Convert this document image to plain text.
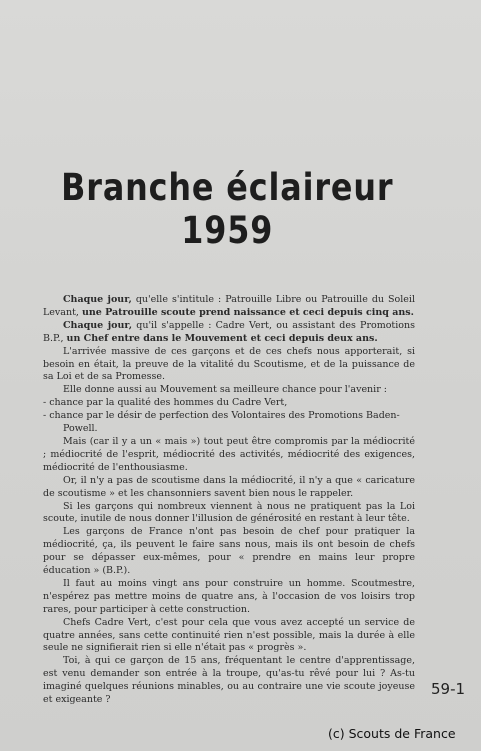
Branche éclaireur 1959

Chaque jour, qu'elle s'intitule : Patrouille Libre ou Patrouille du Soleil Levant, une Patrouille scoute prend naissance et ceci depuis cinq ans.

Chaque jour, qu'il s'appelle : Cadre Vert, ou assistant des Promotions B.P., un Chef entre dans le Mouvement et ceci depuis deux ans.

L'arrivée massive de ces garçons et de ces chefs nous apporterait, si besoin en était, la preuve de la vitalité du Scoutisme, et de la puissance de sa Loi et de sa Promesse.

Elle donne aussi au Mouvement sa meilleure chance pour l'avenir :

- chance par la qualité des hommes du Cadre Vert,

- chance par le désir de perfection des Volontaires des Promotions Baden-

Powell.

Mais (car il y a un « mais ») tout peut être compromis par la médiocrité ; médiocrité de l'esprit, médiocrité des activités, médiocrité des exigences, médiocrité de l'enthousiasme.

Or, il n'y a pas de scoutisme dans la médiocrité, il n'y a que « caricature de scoutisme » et les chansonniers savent bien nous le rappeler.

Si les garçons qui nombreux viennent à nous ne pratiquent pas la Loi scoute, inutile de nous donner l'illusion de générosité en restant à leur tête.

Les garçons de France n'ont pas besoin de chef pour pratiquer la médiocrité, ça, ils peuvent le faire sans nous, mais ils ont besoin de chefs pour se dépasser eux-mêmes, pour « prendre en mains leur propre éducation » (B.P.).

Il faut au moins vingt ans pour construire un homme. Scoutmestre, n'espérez pas mettre moins de quatre ans, à l'occasion de vos loisirs trop rares, pour participer à cette construction.

Chefs Cadre Vert, c'est pour cela que vous avez accepté un service de quatre années, sans cette continuité rien n'est possible, mais la durée à elle seule ne signifierait rien si elle n'était pas « progrès ».

Toi, à qui ce garçon de 15 ans, fréquentant le centre d'apprentissage, est venu demander son entrée à la troupe, qu'as-tu rêvé pour lui ? As-tu imaginé quelques réunions minables, ou au contraire une vie scoute joyeuse et exigeante ?

59-1
(c) Scouts de France
